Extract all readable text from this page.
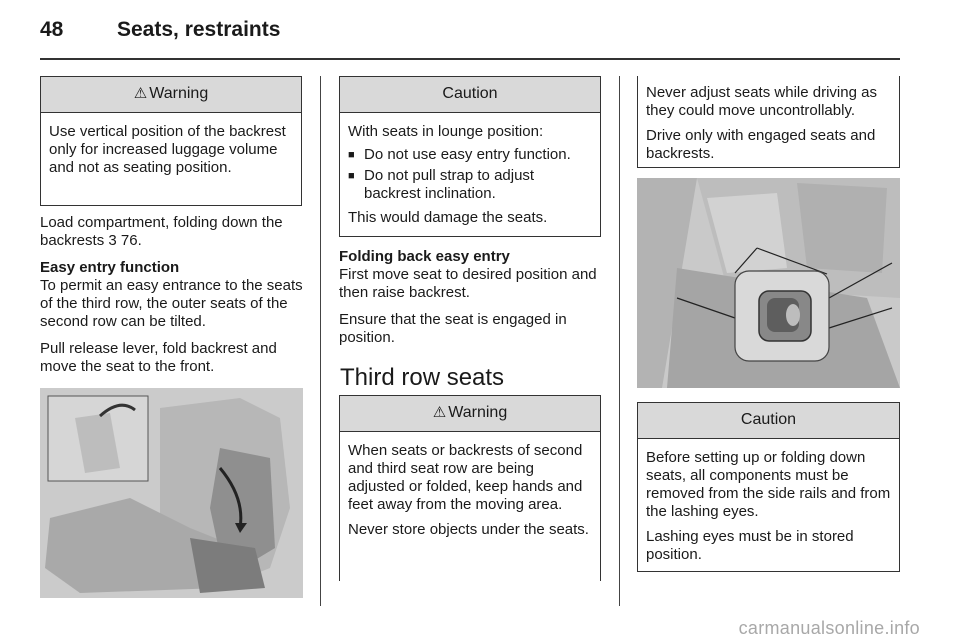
48	Seats, restraints
⚠ Warning

Use vertical position of the backrest only for increased luggage volume and not as seating position.

Load compartment, folding down the backrests 3 76.

Easy entry function

To permit an easy entrance to the seats of the third row, the outer seats of the second row can be tilted.

Pull release lever, fold backrest and move the seat to the front.

Caution

With seats in lounge position:

■ Do not use easy entry function.
■ Do not pull strap to adjust backrest inclination.

This would damage the seats.

Folding back easy entry

First move seat to desired position and then raise backrest.

Ensure that the seat is engaged in position.

Third row seats
⚠ Warning

When seats or backrests of second and third seat row are being adjusted or folded, keep hands and feet away from the moving area.

Never store objects under the seats.

Never adjust seats while driving as they could move uncontrollably.

Drive only with engaged seats and backrests.

Caution

Before setting up or folding down seats, all components must be removed from the side rails and from the lashing eyes.

Lashing eyes must be in stored position.

carmanualsonline.info
